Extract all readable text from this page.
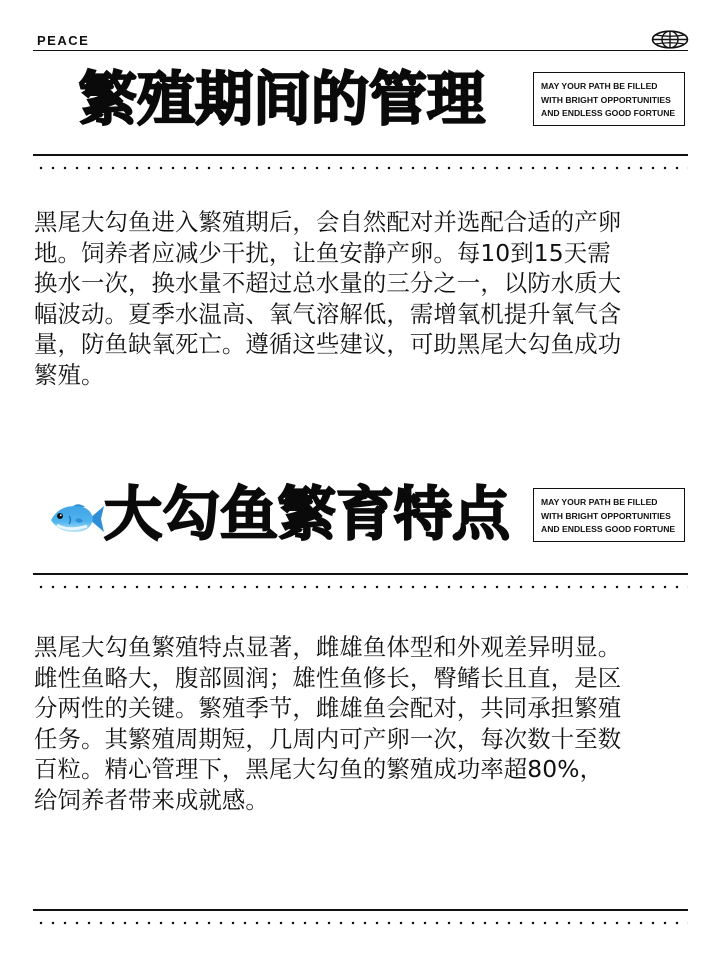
PEACE
繁殖期间的管理	MAY YOUR PATH BE FILLED
WITH BRIGHT OPPORTUNITIES
AND ENDLESS GOOD FORTUNE
黑尾大勾鱼进入繁殖期后，会自然配对并选配合适的产卵
地。饲养者应减少干扰，让鱼安静产卵。每10到15天需
换水一次，换水量不超过总水量的三分之一，以防水质大
幅波动。夏季水温高、氧气溶解低，需增氧机提升氧气含
量，防鱼缺氧死亡。遵循这些建议，可助黑尾大勾鱼成功
繁殖。
大勾鱼繁育特点	MAY YOUR PATH BE FILLED
WITH BRIGHT OPPORTUNITIES
AND ENDLESS GOOD FORTUNE
黑尾大勾鱼繁殖特点显著，雌雄鱼体型和外观差异明显。
雌性鱼略大，腹部圆润；雄性鱼修长，臀鳍长且直，是区
分两性的关键。繁殖季节，雌雄鱼会配对，共同承担繁殖
任务。其繁殖周期短，几周内可产卵一次，每次数十至数
百粒。精心管理下，黑尾大勾鱼的繁殖成功率超80%，
给饲养者带来成就感。
